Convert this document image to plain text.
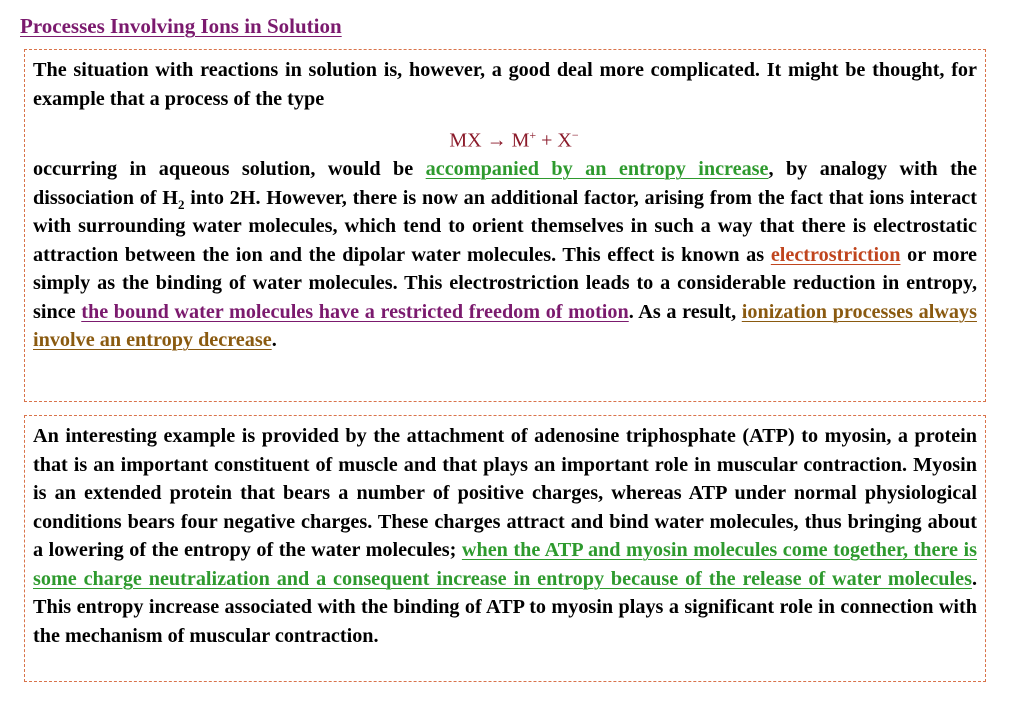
Processes Involving Ions in Solution

The situation with reactions in solution is, however, a good deal more complicated. It might be thought, for example that a process of the type

MX → M+ + X−

occurring in aqueous solution, would be accompanied by an entropy increase, by analogy with the dissociation of $H_2$ into 2H. However, there is now an additional factor, arising from the fact that ions interact with surrounding water molecules, which tend to orient themselves in such a way that there is electrostatic attraction between the ion and the dipolar water molecules. This effect is known as electrostriction or more simply as the binding of water molecules. This electrostriction leads to a considerable reduction in entropy, since the bound water molecules have a restricted freedom of motion. As a result, ionization processes always involve an entropy decrease.

An interesting example is provided by the attachment of adenosine triphosphate (ATP) to myosin, a protein that is an important constituent of muscle and that plays an important role in muscular contraction. Myosin is an extended protein that bears a number of positive charges, whereas ATP under normal physiological conditions bears four negative charges. These charges attract and bind water molecules, thus bringing about a lowering of the entropy of the water molecules; when the ATP and myosin molecules come together, there is some charge neutralization and a consequent increase in entropy because of the release of water molecules. This entropy increase associated with the binding of ATP to myosin plays a significant role in connection with the mechanism of muscular contraction.
